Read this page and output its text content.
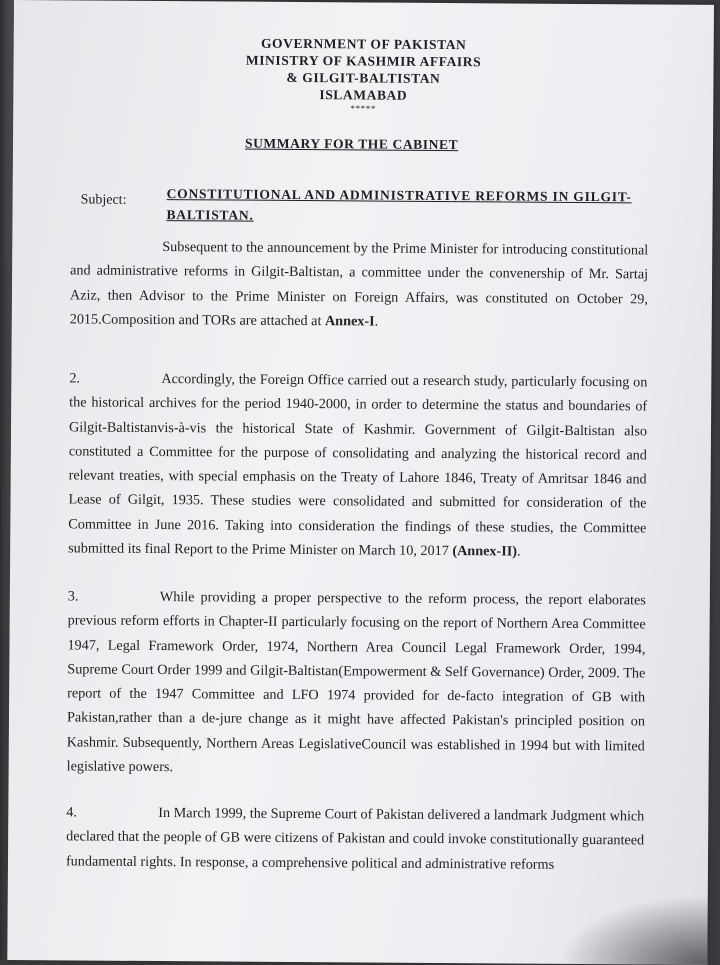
GOVERNMENT OF PAKISTAN
MINISTRY OF KASHMIR AFFAIRS
& GILGIT-BALTISTAN
ISLAMABAD
*****
SUMMARY FOR THE CABINET
Subject:	CONSTITUTIONAL AND ADMINISTRATIVE REFORMS IN GILGIT-BALTISTAN.
Subsequent to the announcement by the Prime Minister for introducing constitutional and administrative reforms in Gilgit-Baltistan, a committee under the convenership of Mr. Sartaj Aziz, then Advisor to the Prime Minister on Foreign Affairs, was constituted on October 29, 2015.Composition and TORs are attached at Annex-I.
2.	Accordingly, the Foreign Office carried out a research study, particularly focusing on the historical archives for the period 1940-2000, in order to determine the status and boundaries of Gilgit-Baltistanvis-à-vis the historical State of Kashmir. Government of Gilgit-Baltistan also constituted a Committee for the purpose of consolidating and analyzing the historical record and relevant treaties, with special emphasis on the Treaty of Lahore 1846, Treaty of Amritsar 1846 and Lease of Gilgit, 1935. These studies were consolidated and submitted for consideration of the Committee in June 2016. Taking into consideration the findings of these studies, the Committee submitted its final Report to the Prime Minister on March 10, 2017 (Annex-II).
3.	While providing a proper perspective to the reform process, the report elaborates previous reform efforts in Chapter-II particularly focusing on the report of Northern Area Committee 1947, Legal Framework Order, 1974, Northern Area Council Legal Framework Order, 1994, Supreme Court Order 1999 and Gilgit-Baltistan(Empowerment & Self Governance) Order, 2009. The report of the 1947 Committee and LFO 1974 provided for de-facto integration of GB with Pakistan,rather than a de-jure change as it might have affected Pakistan's principled position on Kashmir. Subsequently, Northern Areas LegislativeCouncil was established in 1994 but with limited legislative powers.
4.	In March 1999, the Supreme Court of Pakistan delivered a landmark Judgment which declared that the people of GB were citizens of Pakistan and could invoke constitutionally guaranteed fundamental rights. In response, a comprehensive political and administrative reforms
